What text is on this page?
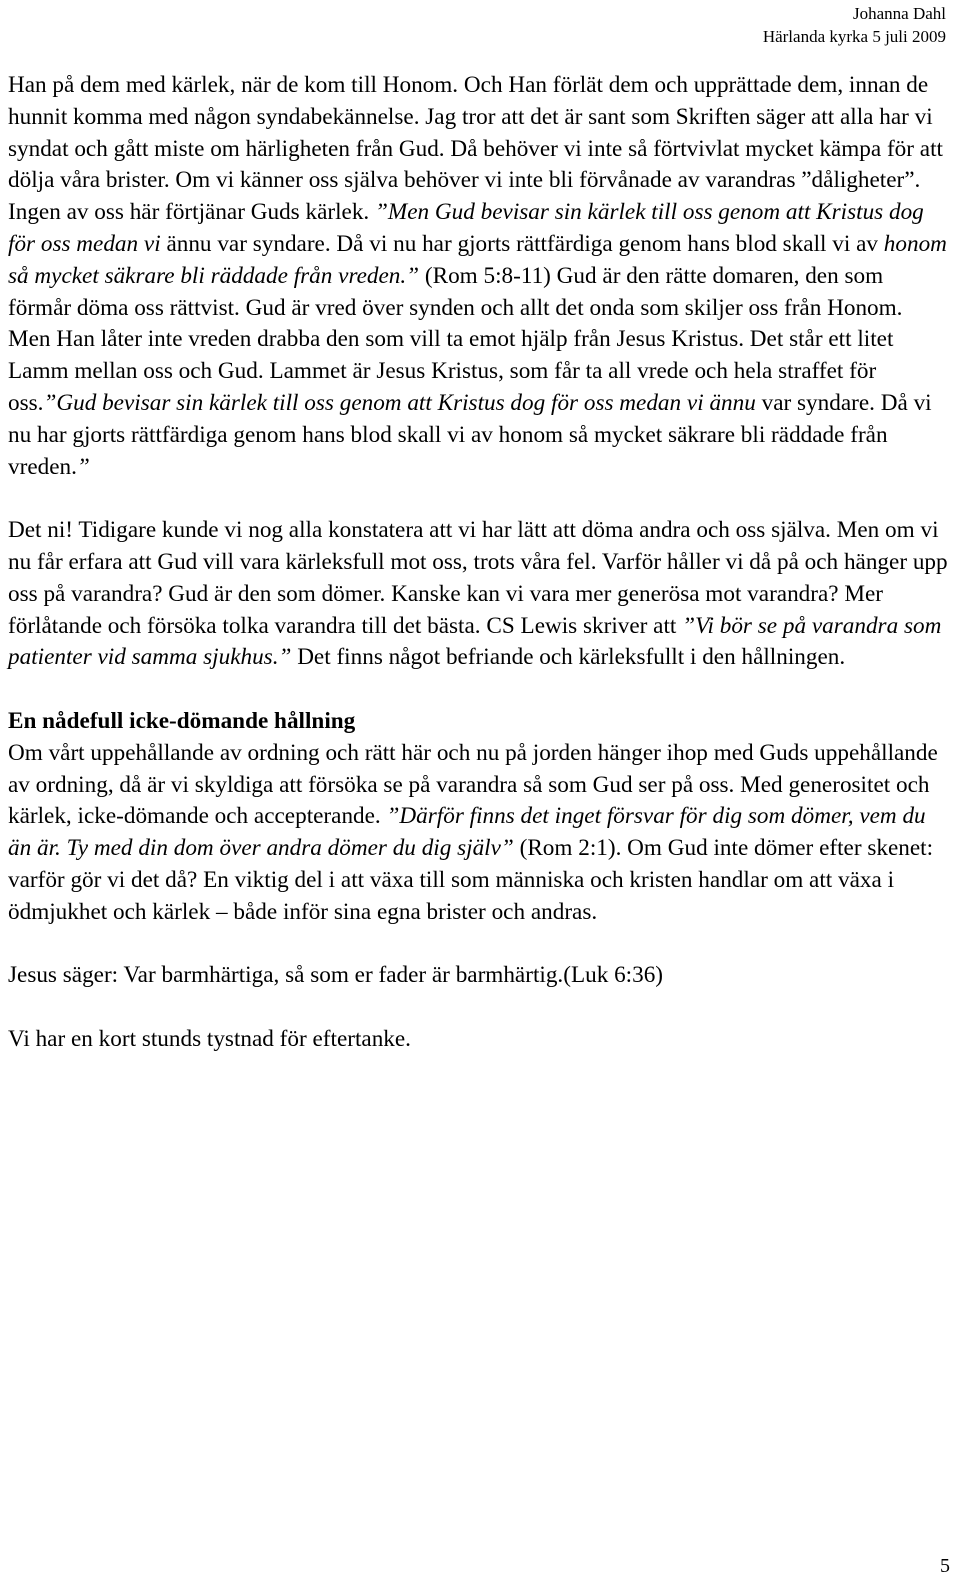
Johanna Dahl
Härlanda kyrka 5 juli 2009

Han på dem med kärlek, när de kom till Honom. Och Han förlät dem och upprättade dem, innan de hunnit komma med någon syndabekännelse. Jag tror att det är sant som Skriften säger att alla har vi syndat och gått miste om härligheten från Gud. Då behöver vi inte så förtvivlat mycket kämpa för att dölja våra brister. Om vi känner oss själva behöver vi inte bli förvånade av varandras ”dåligheter”. Ingen av oss här förtjänar Guds kärlek. ”Men Gud bevisar sin kärlek till oss genom att Kristus dog för oss medan vi ännu var syndare. Då vi nu har gjorts rättfärdiga genom hans blod skall vi av honom så mycket säkrare bli räddade från vreden.” (Rom 5:8-11) Gud är den rätte domaren, den som förmår döma oss rättvist. Gud är vred över synden och allt det onda som skiljer oss från Honom. Men Han låter inte vreden drabba den som vill ta emot hjälp från Jesus Kristus. Det står ett litet Lamm mellan oss och Gud. Lammet är Jesus Kristus, som får ta all vrede och hela straffet för oss.”Gud bevisar sin kärlek till oss genom att Kristus dog för oss medan vi ännu var syndare. Då vi nu har gjorts rättfärdiga genom hans blod skall vi av honom så mycket säkrare bli räddade från vreden.”

Det ni! Tidigare kunde vi nog alla konstatera att vi har lätt att döma andra och oss själva. Men om vi nu får erfara att Gud vill vara kärleksfull mot oss, trots våra fel. Varför håller vi då på och hänger upp oss på varandra? Gud är den som dömer. Kanske kan vi vara mer generösa mot varandra? Mer förlåtande och försöka tolka varandra till det bästa. CS Lewis skriver att ”Vi bör se på varandra som patienter vid samma sjukhus.” Det finns något befriande och kärleksfullt i den hållningen.

En nådefull icke-dömande hållning

Om vårt uppehållande av ordning och rätt här och nu på jorden hänger ihop med Guds uppehållande av ordning, då är vi skyldiga att försöka se på varandra så som Gud ser på oss. Med generositet och kärlek, icke-dömande och accepterande. ”Därför finns det inget försvar för dig som dömer, vem du än är. Ty med din dom över andra dömer du dig själv” (Rom 2:1). Om Gud inte dömer efter skenet: varför gör vi det då? En viktig del i att växa till som människa och kristen handlar om att växa i ödmjukhet och kärlek – både inför sina egna brister och andras.

Jesus säger: Var barmhärtiga, så som er fader är barmhärtig.(Luk 6:36)

Vi har en kort stunds tystnad för eftertanke.

5
